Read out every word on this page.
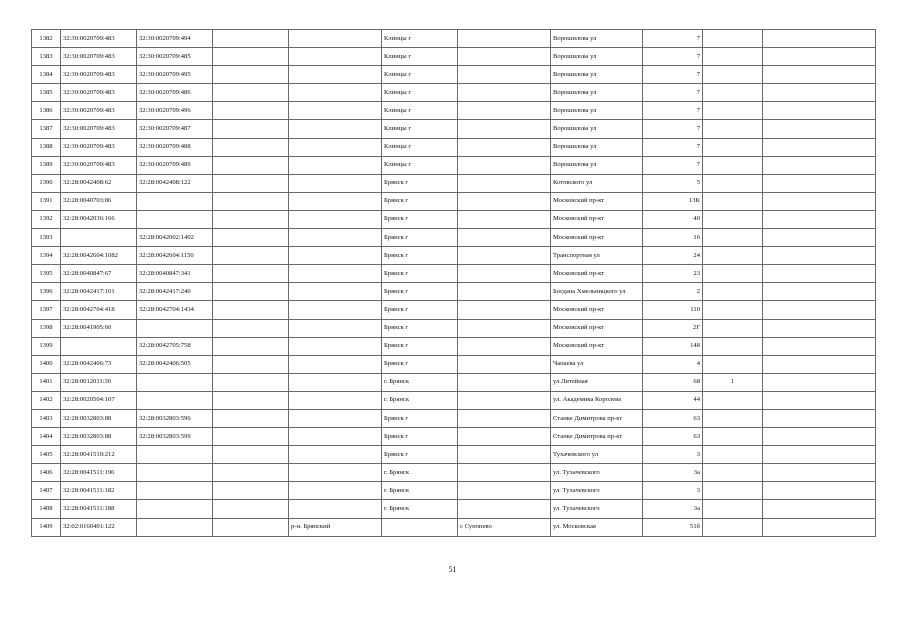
1382	32:30:0020709:483	32:30:0020709:494			Клинцы г		Ворошилова ул	7		
1383	32:30:0020709:483	32:30:0020709:485			Клинцы г		Ворошилова ул	7		
1384	32:30:0020709:483	32:30:0020709:495			Клинцы г		Ворошилова ул	7		
1385	32:30:0020709:483	32:30:0020709:486			Клинцы г		Ворошилова ул	7		
1386	32:30:0020709:483	32:30:0020709:496			Клинцы г		Ворошилова ул	7		
1387	32:30:0020709:483	32:30:0020709:487			Клинцы г		Ворошилова ул	7		
1388	32:30:0020709:483	32:30:0020709:488			Клинцы г		Ворошилова ул	7		
1389	32:30:0020709:483	32:30:0020709:489			Клинцы г		Ворошилова ул	7		
1390	32:28:0042408:62	32:28:0042408:122			Брянск г		Котовского ул	5		
1391	32:28:0040703:86				Брянск г		Московский пр-кт	13К		
1392	32:28:0042036:166				Брянск г		Московский пр-кт	40		
1393		32:28:0042002:1402			Брянск г		Московский пр-кт	16		
1394	32:28:0042604:1082	32:28:0042604:1150			Брянск г		Транспортная ул	24		
1395	32:28:0040847:67	32:28:0040847:341			Брянск г		Московский пр-кт	23		
1396	32:28:0042417:101	32:28:0042417:240			Брянск г		Богдана Хмельницкого ул	2		
1397	32:28:0042704:418	32:28:0042704:1434			Брянск г		Московский пр-кт	110		
1398	32:28:0041905:60				Брянск г		Московский пр-кт	2Г		
1399		32:28:0042705:758			Брянск г		Московский пр-кт	148		
1400	32:28:0042406:73	32:28:0042406:505			Брянск г		Чапаева ул	4		
1401	32:28:0012011:30				г. Брянск		ул.Литейная	68	1	
1402	32:28:0020504:107				г. Брянск		ул. Академика Королева	44		
1403	32:28:0032803:88	32:28:0032803:596			Брянск г		Станке Димитрова пр-кт	63		
1404	32:28:0032803:88	32:28:0032803:599			Брянск г		Станке Димитрова пр-кт	63		
1405	32:28:0041510:212				Брянск г		Тухачевского ул	3		
1406	32:28:0041511:196				г. Брянск		ул. Тухачевского	3а		
1407	32:28:0041511:182				г. Брянск		ул. Тухачевского	3		
1408	32:28:0041511:188				г. Брянск		ул. Тухачевского	3а		
1409	32:02:0160401:122			р-н. Брянский		с Супонево	ул. Московская	51б		
51
